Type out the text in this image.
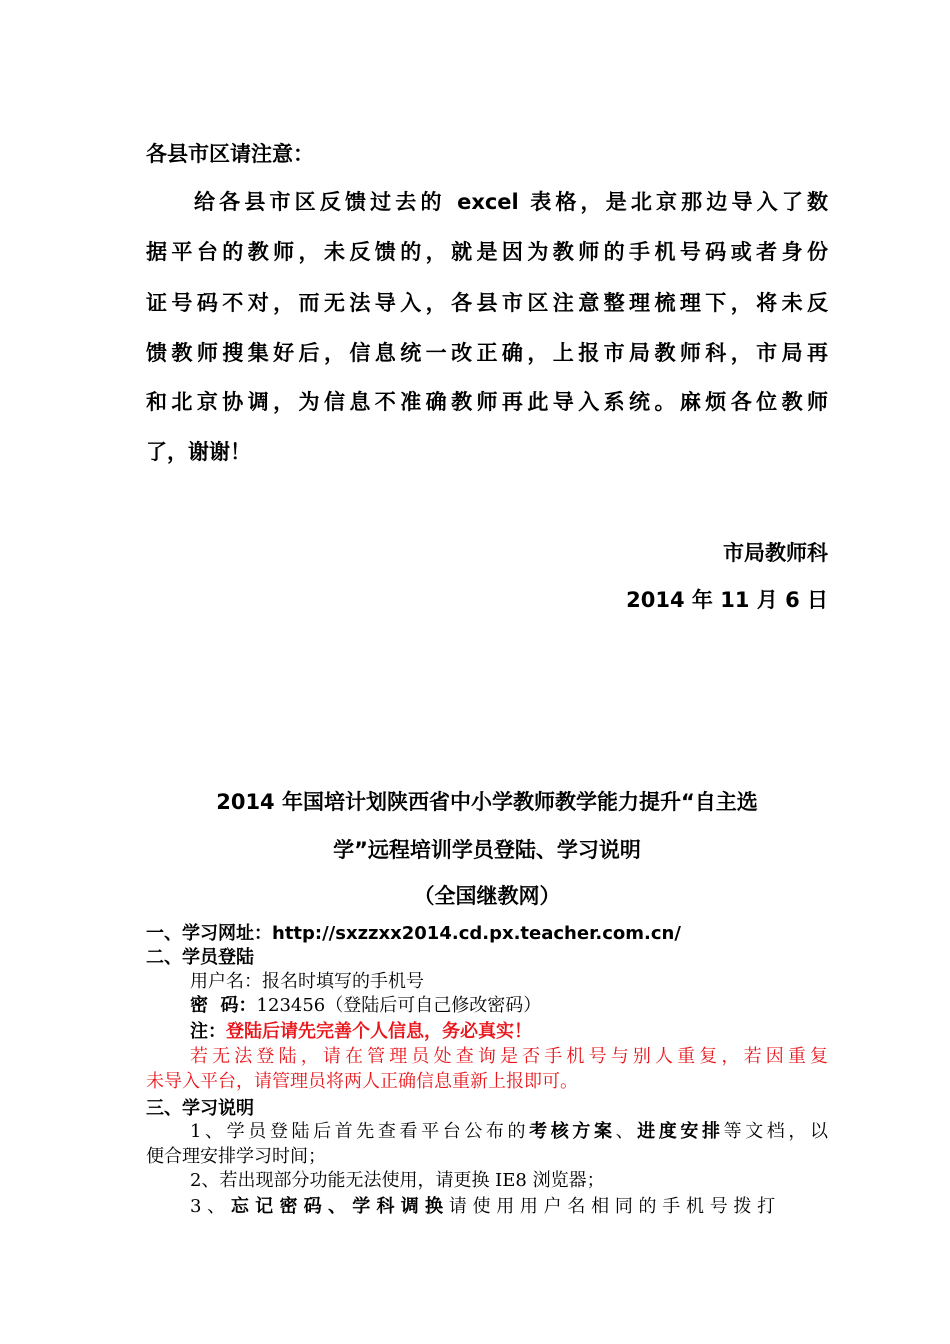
各县市区请注意：
给各县市区反馈过去的 excel 表格，是北京那边导入了数
据平台的教师，未反馈的，就是因为教师的手机号码或者身份
证号码不对，而无法导入，各县市区注意整理梳理下，将未反
馈教师搜集好后，信息统一改正确，上报市局教师科，市局再
和北京协调，为信息不准确教师再此导入系统。麻烦各位教师
了，谢谢！
市局教师科
2014 年 11 月 6 日
2014 年国培计划陕西省中小学教师教学能力提升“自主选
学”远程培训学员登陆、学习说明
（全国继教网）
一、学习网址：http://sxzzxx2014.cd.px.teacher.com.cn/
二、学员登陆
用户名：报名时填写的手机号
密  码：123456（登陆后可自己修改密码）
注：登陆后请先完善个人信息，务必真实！
若无法登陆，请在管理员处查询是否手机号与别人重复，若因重复
未导入平台，请管理员将两人正确信息重新上报即可。
三、学习说明
1、学员登陆后首先查看平台公布的考核方案、进度安排等文档，以
便合理安排学习时间；
2、若出现部分功能无法使用，请更换 IE8 浏览器；
3 、 忘 记 密 码 、 学 科 调 换 请 使 用 用 户 名 相 同 的 手 机 号 拨 打
